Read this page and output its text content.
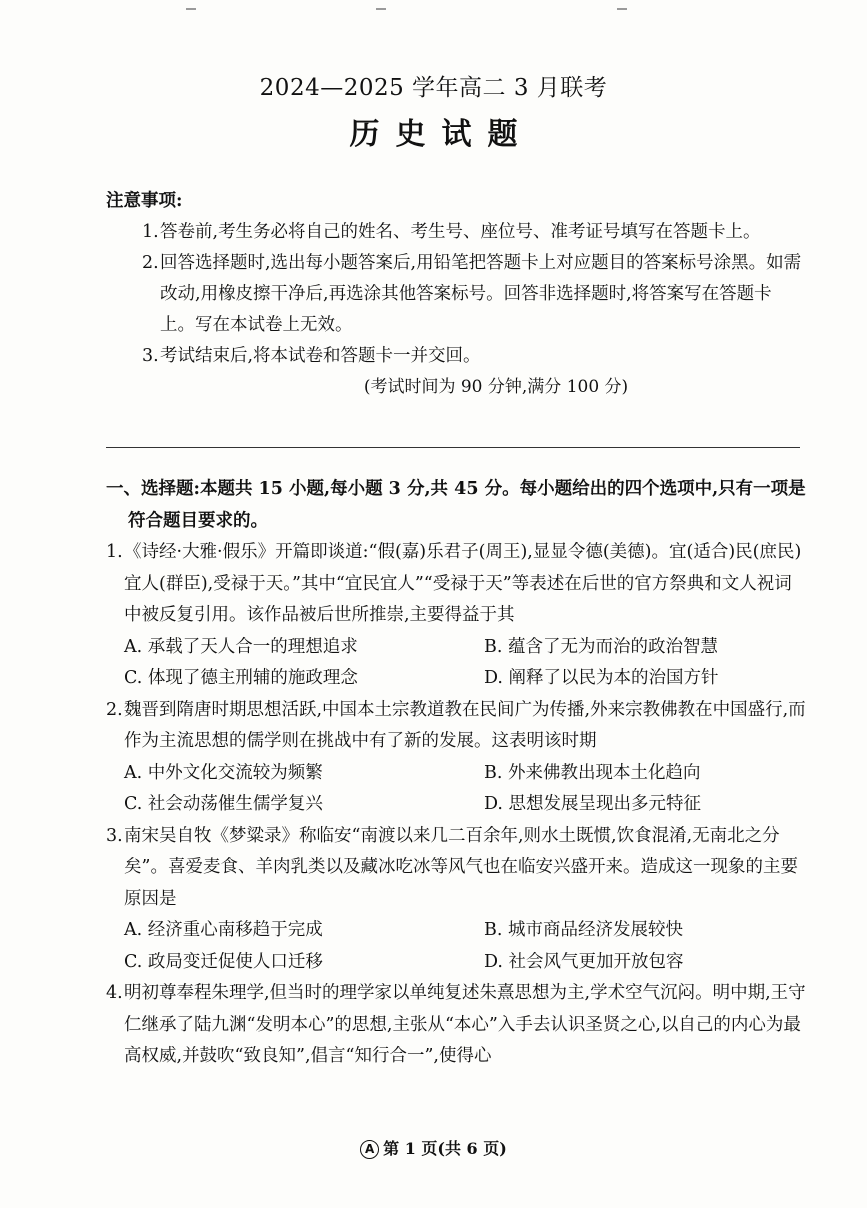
2024—2025 学年高二 3 月联考
历史试题
注意事项:
1.答卷前,考生务必将自己的姓名、考生号、座位号、准考证号填写在答题卡上。
2.回答选择题时,选出每小题答案后,用铅笔把答题卡上对应题目的答案标号涂黑。如需改动,用橡皮擦干净后,再选涂其他答案标号。回答非选择题时,将答案写在答题卡上。写在本试卷上无效。
3.考试结束后,将本试卷和答题卡一并交回。
(考试时间为 90 分钟,满分 100 分)
一、选择题:本题共 15 小题,每小题 3 分,共 45 分。每小题给出的四个选项中,只有一项是符合题目要求的。
1.《诗经·大雅·假乐》开篇即谈道:“假(嘉)乐君子(周王),显显令德(美德)。宜(适合)民(庶民)宜人(群臣),受禄于天。”其中“宜民宜人”“受禄于天”等表述在后世的官方祭典和文人祝词中被反复引用。该作品被后世所推崇,主要得益于其
A. 承载了天人合一的理想追求	B. 蕴含了无为而治的政治智慧
C. 体现了德主刑辅的施政理念	D. 阐释了以民为本的治国方针
2.魏晋到隋唐时期思想活跃,中国本土宗教道教在民间广为传播,外来宗教佛教在中国盛行,而作为主流思想的儒学则在挑战中有了新的发展。这表明该时期
A. 中外文化交流较为频繁	B. 外来佛教出现本土化趋向
C. 社会动荡催生儒学复兴	D. 思想发展呈现出多元特征
3.南宋吴自牧《梦粱录》称临安“南渡以来几二百余年,则水土既惯,饮食混淆,无南北之分矣”。喜爱麦食、羊肉乳类以及藏冰吃冰等风气也在临安兴盛开来。造成这一现象的主要原因是
A. 经济重心南移趋于完成	B. 城市商品经济发展较快
C. 政局变迁促使人口迁移	D. 社会风气更加开放包容
4.明初尊奉程朱理学,但当时的理学家以单纯复述朱熹思想为主,学术空气沉闷。明中期,王守仁继承了陆九渊“发明本心”的思想,主张从“本心”入手去认识圣贤之心,以自己的内心为最高权威,并鼓吹“致良知”,倡言“知行合一”,使得心
A 第 1 页(共 6 页)
